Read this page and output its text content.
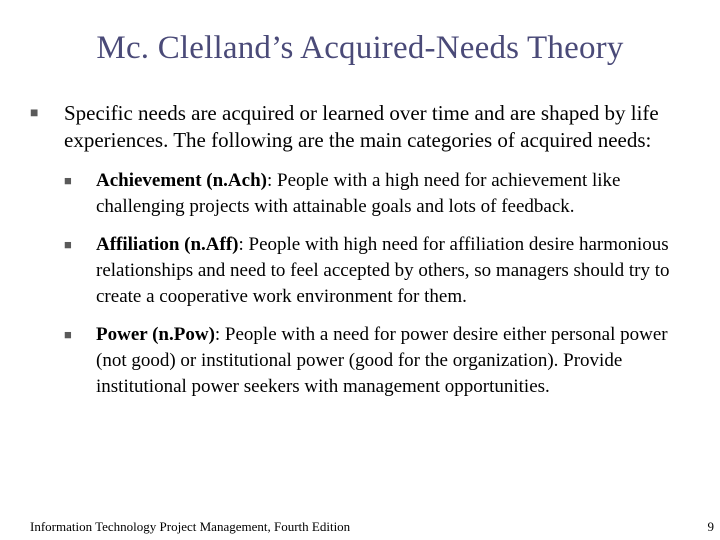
Mc. Clelland’s Acquired-Needs Theory
■ Specific needs are acquired or learned over time and are shaped by life experiences. The following are the main categories of acquired needs:
■ Achievement (n.Ach): People with a high need for achievement like challenging projects with attainable goals and lots of feedback.
■ Affiliation (n.Aff): People with high need for affiliation desire harmonious relationships and need to feel accepted by others, so managers should try to create a cooperative work environment for them.
■ Power (n.Pow): People with a need for power desire either personal power (not good) or institutional power (good for the organization). Provide institutional power seekers with management opportunities.
Information Technology Project Management, Fourth Edition	9
